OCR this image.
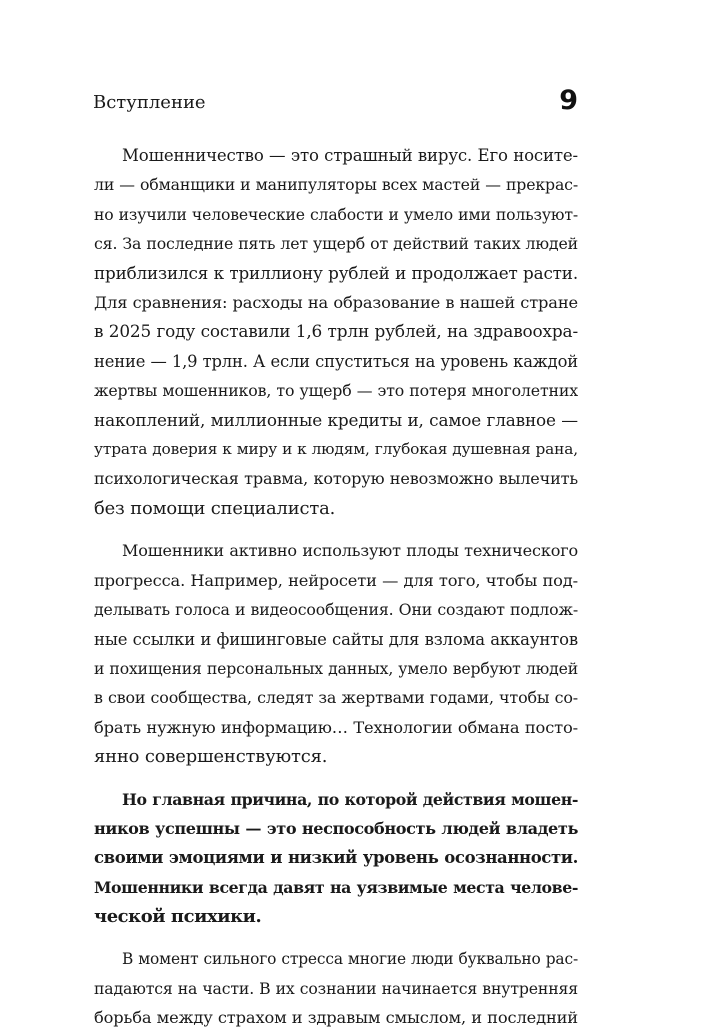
Вступление	9

Мошенничество — это страшный вирус. Его носите-
ли — обманщики и манипуляторы всех мастей — прекрас-
но изучили человеческие слабости и умело ими пользуют-
ся. За последние пять лет ущерб от действий таких людей
приблизился к триллиону рублей и продолжает расти.
Для сравнения: расходы на образование в нашей стране
в 2025 году составили 1,6 трлн рублей, на здравоохра-
нение — 1,9 трлн. А если спуститься на уровень каждой
жертвы мошенников, то ущерб — это потеря многолетних
накоплений, миллионные кредиты и, самое главное —
утрата доверия к миру и к людям, глубокая душевная рана,
психологическая травма, которую невозможно вылечить
без помощи специалиста.

Мошенники активно используют плоды технического
прогресса. Например, нейросети — для того, чтобы под-
делывать голоса и видеосообщения. Они создают подлож-
ные ссылки и фишинговые сайты для взлома аккаунтов
и похищения персональных данных, умело вербуют людей
в свои сообщества, следят за жертвами годами, чтобы со-
брать нужную информацию… Технологии обмана посто-
янно совершенствуются.

Но главная причина, по которой действия мошен-
ников успешны — это неспособность людей владеть
своими эмоциями и низкий уровень осознанности.
Мошенники всегда давят на уязвимые места челове-
ческой психики.

В момент сильного стресса многие люди буквально рас-
падаются на части. В их сознании начинается внутренняя
борьба между страхом и здравым смыслом, и последний
